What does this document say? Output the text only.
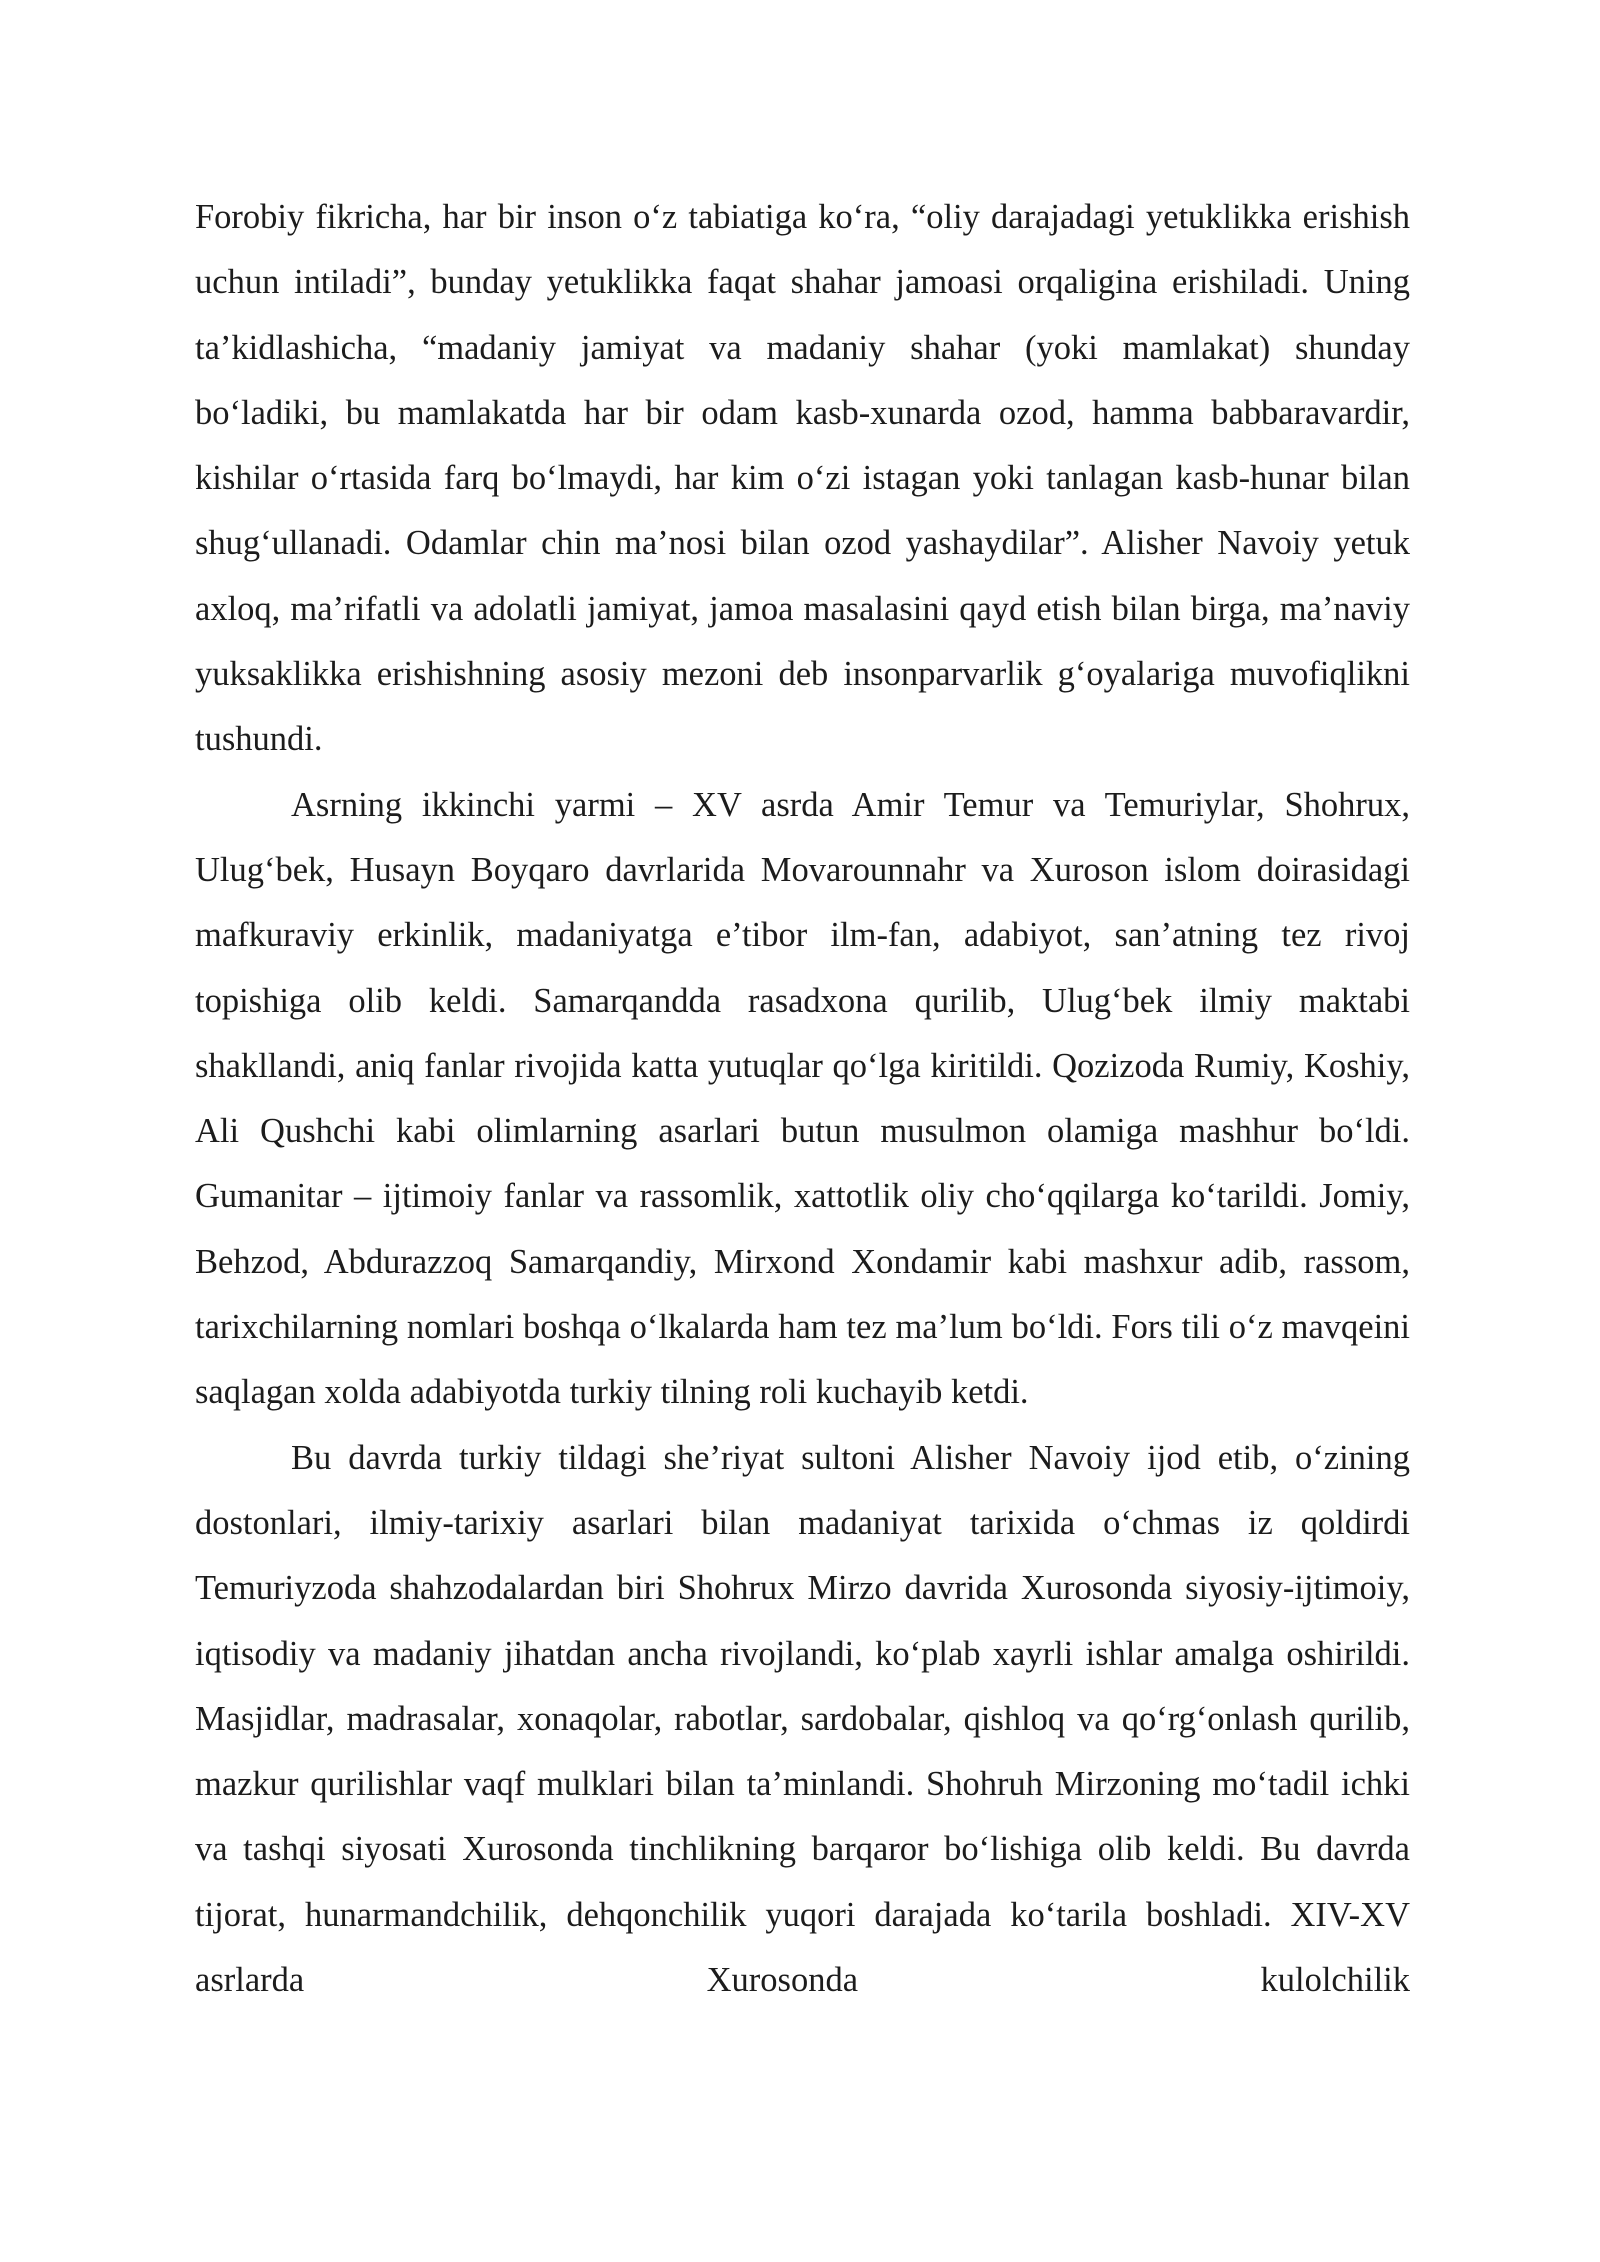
Forobiy fikricha, har bir inson o‘z tabiatiga ko‘ra, “oliy darajadagi yetuklikka erishish uchun intiladi”, bunday yetuklikka faqat shahar jamoasi orqaligina erishiladi. Uning ta’kidlashicha, “madaniy jamiyat va madaniy shahar (yoki mamlakat) shunday bo‘ladiki, bu mamlakatda har bir odam kasb-xunarda ozod, hamma babbaravardir, kishilar o‘rtasida farq bo‘lmaydi, har kim o‘zi istagan yoki tanlagan kasb-hunar bilan shug‘ullanadi. Odamlar chin ma’nosi bilan ozod yashaydilar”. Alisher Navoiy yetuk axloq, ma’rifatli va adolatli jamiyat, jamoa masalasini qayd etish bilan birga, ma’naviy yuksaklikka erishishning asosiy mezoni deb insonparvarlik g‘oyalariga muvofiqlikni tushundi.

Asrning ikkinchi yarmi – XV asrda Amir Temur va Temuriylar, Shohrux, Ulug‘bek, Husayn Boyqaro davrlarida Movarounnahr va Xuroson islom doirasidagi mafkuraviy erkinlik, madaniyatga e’tibor ilm-fan, adabiyot, san’atning tez rivoj topishiga olib keldi. Samarqandda rasadxona qurilib, Ulug‘bek ilmiy maktabi shakllandi, aniq fanlar rivojida katta yutuqlar qo‘lga kiritildi. Qozizoda Rumiy, Koshiy, Ali Qushchi kabi olimlarning asarlari butun musulmon olamiga mashhur bo‘ldi. Gumanitar – ijtimoiy fanlar va rassomlik, xattotlik oliy cho‘qqilarga ko‘tarildi. Jomiy, Behzod, Abdurazzoq Samarqandiy, Mirxond Xondamir kabi mashxur adib, rassom, tarixchilarning nomlari boshqa o‘lkalarda ham tez ma’lum bo‘ldi. Fors tili o‘z mavqeini saqlagan xolda adabiyotda turkiy tilning roli kuchayib ketdi.

Bu davrda turkiy tildagi she’riyat sultoni Alisher Navoiy ijod etib, o‘zining dostonlari, ilmiy-tarixiy asarlari bilan madaniyat tarixida o‘chmas iz qoldirdi Temuriyzoda shahzodalardan biri Shohrux Mirzo davrida Xurosonda siyosiy-ijtimoiy, iqtisodiy va madaniy jihatdan ancha rivojlandi, ko‘plab xayrli ishlar amalga oshirildi. Masjidlar, madrasalar, xonaqolar, rabotlar, sardobalar, qishloq va qo‘rg‘onlash qurilib, mazkur qurilishlar vaqf mulklari bilan ta’minlandi. Shohruh Mirzoning mo‘tadil ichki va tashqi siyosati Xurosonda tinchlikning barqaror bo‘lishiga olib keldi. Bu davrda tijorat, hunarmandchilik, dehqonchilik yuqori darajada ko‘tarila boshladi. XIV-XV asrlarda Xurosonda kulolchilik
